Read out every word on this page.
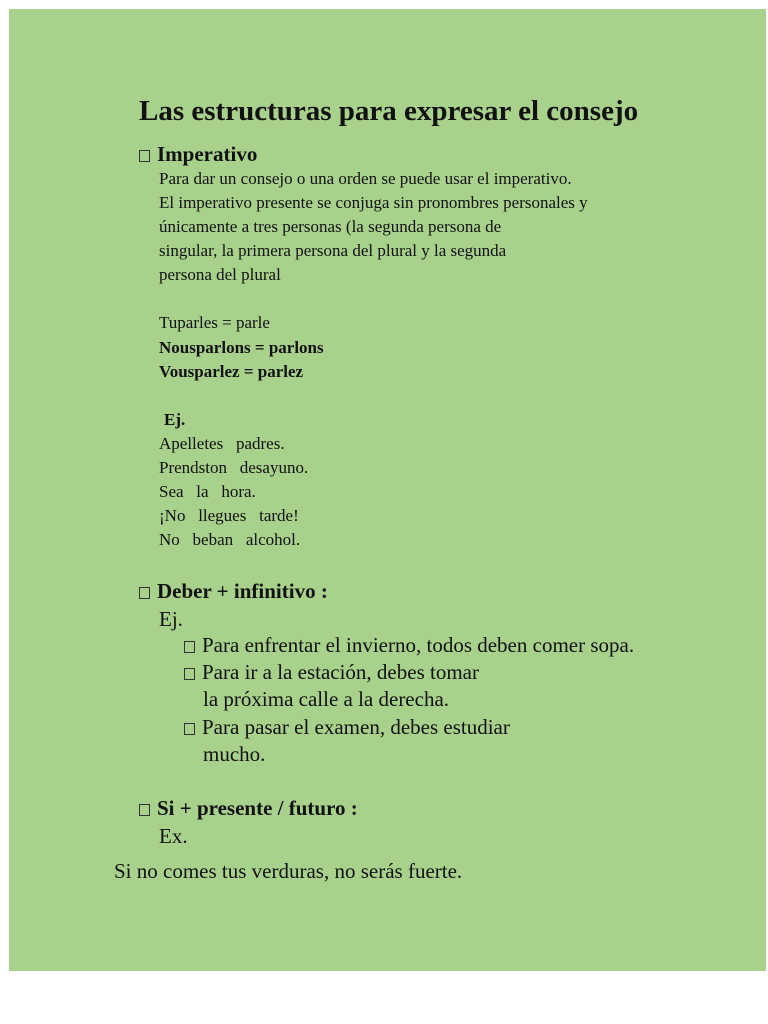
Las estructuras para expresar el consejo
Imperativo
Para dar un consejo o una orden se puede usar el imperativo.
El imperativo presente se conjuga sin pronombres personales y
únicamente a tres personas (la segunda persona de
singular, la primera persona del plural y la segunda
persona del plural
Tuparles = parle
Nousparlons = parlons
Vousparlez = parlez
Ej.
Apelletes   padres.
Prendston   desayuno.
Sea   la   hora.
¡No   llegues   tarde!
No   beban   alcohol.
Deber + infinitivo :
Ej.
Para enfrentar el invierno, todos deben comer sopa.
Para ir a la estación, debes tomar
la próxima calle a la derecha.
Para pasar el examen, debes estudiar
mucho.
Si + presente / futuro :
Ex.
Si no comes tus verduras, no serás fuerte.
